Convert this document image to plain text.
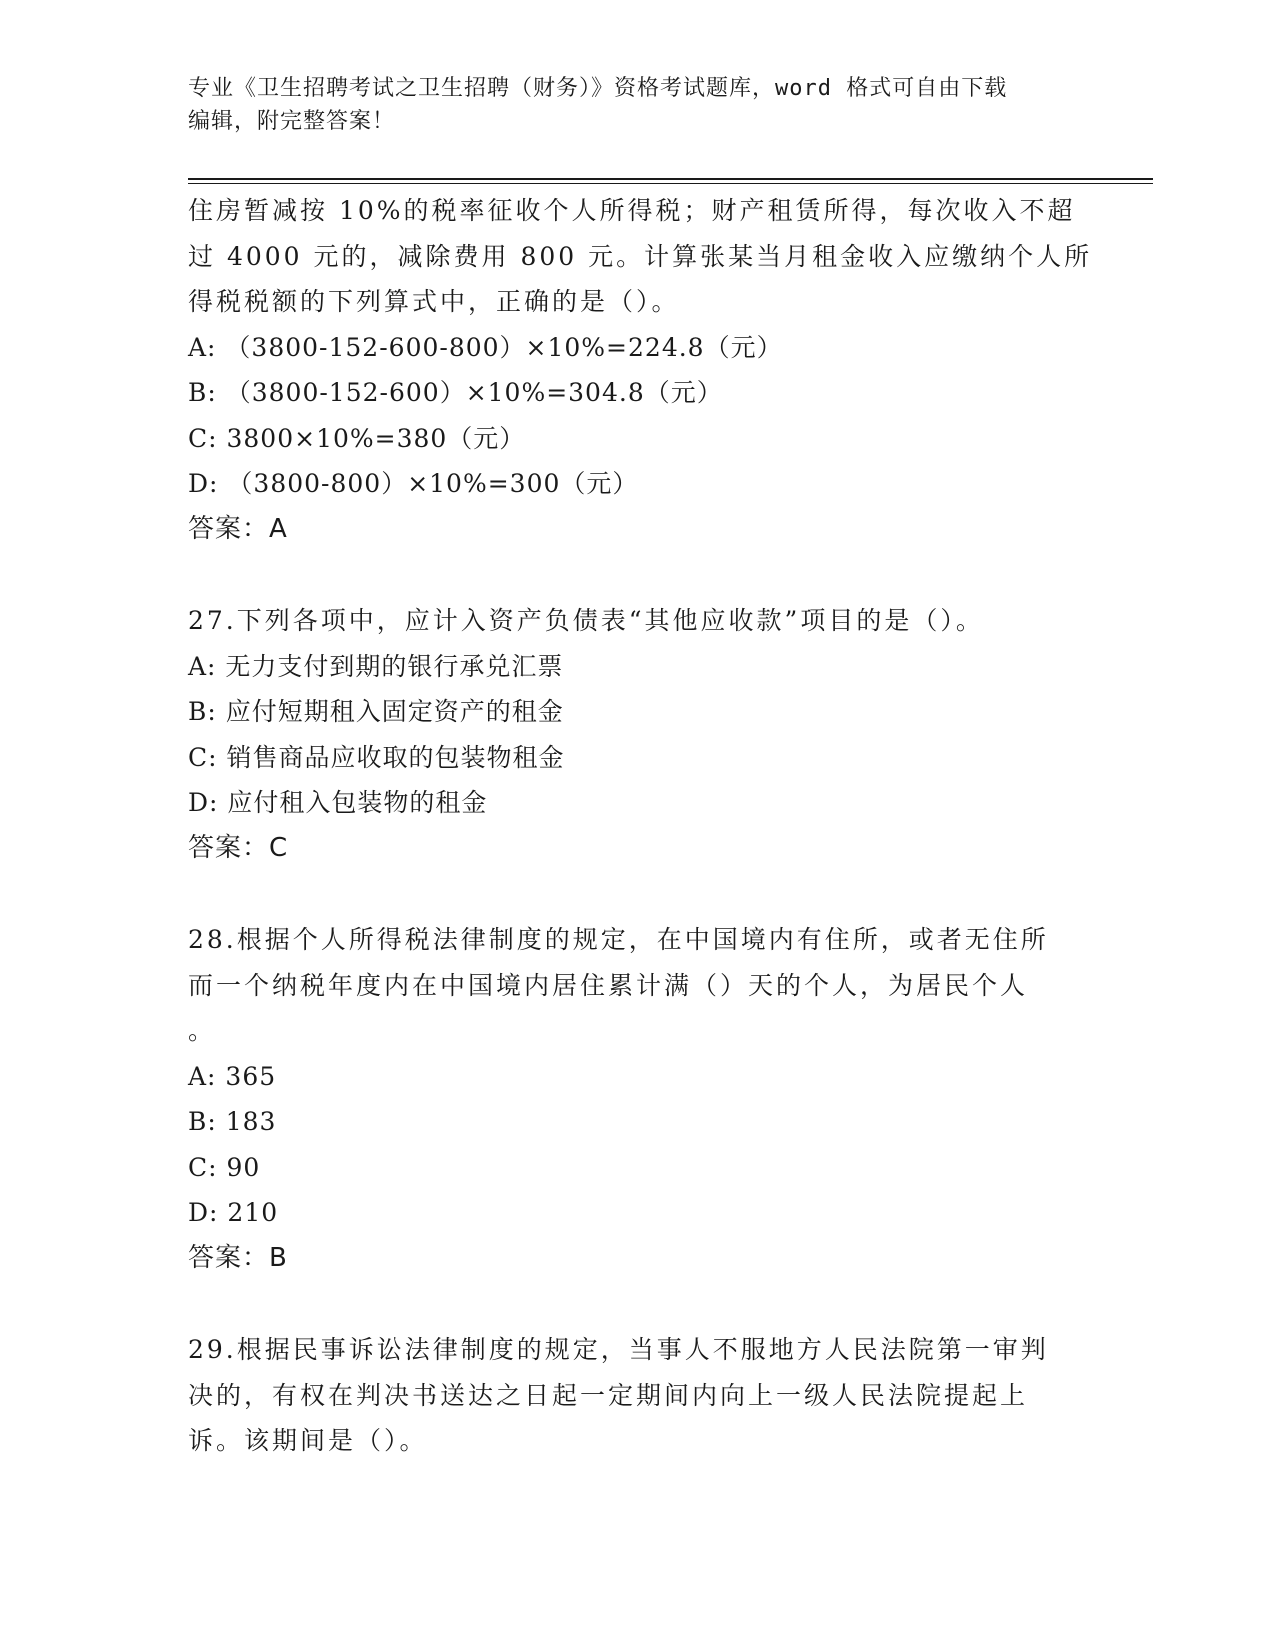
专业《卫生招聘考试之卫生招聘（财务）》资格考试题库，word 格式可自由下载
编辑，附完整答案！
住房暂减按 10%的税率征收个人所得税；财产租赁所得，每次收入不超
过 4000 元的，减除费用 800 元。计算张某当月租金收入应缴纳个人所
得税税额的下列算式中，正确的是（）。
A: （3800-152-600-800）×10%=224.8（元）
B: （3800-152-600）×10%=304.8（元）
C: 3800×10%=380（元）
D: （3800-800）×10%=300（元）
答案：A
27.下列各项中，应计入资产负债表“其他应收款”项目的是（）。
A: 无力支付到期的银行承兑汇票
B: 应付短期租入固定资产的租金
C: 销售商品应收取的包装物租金
D: 应付租入包装物的租金
答案：C
28.根据个人所得税法律制度的规定，在中国境内有住所，或者无住所
而一个纳税年度内在中国境内居住累计满（）天的个人，为居民个人
。
A: 365
B: 183
C: 90
D: 210
答案：B
29.根据民事诉讼法律制度的规定，当事人不服地方人民法院第一审判
决的，有权在判决书送达之日起一定期间内向上一级人民法院提起上
诉。该期间是（）。
